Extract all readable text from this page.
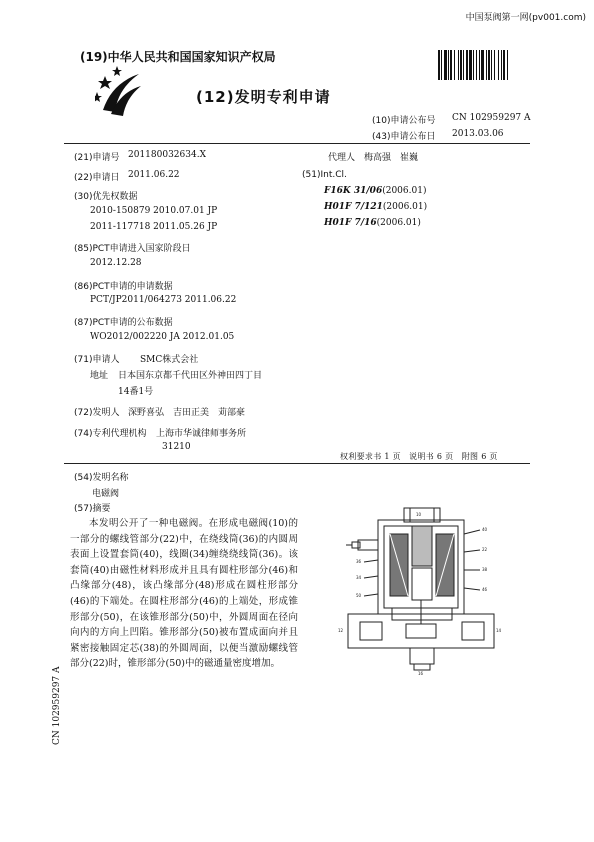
中国泵阀第一网(pv001.com)
(19)中华人民共和国国家知识产权局
(12)发明专利申请
(10)申请公布号 CN 102959297 A
(43)申请公布日 2013.03.06
(21)申请号 201180032634.X
(22)申请日 2011.06.22
(30)优先权数据
2010-150879 2010.07.01 JP
2011-117718 2011.05.26 JP
(85)PCT申请进入国家阶段日
2012.12.28
(86)PCT申请的申请数据
PCT/JP2011/064273 2011.06.22
(87)PCT申请的公布数据
WO2012/002220 JA 2012.01.05
(71)申请人 SMC株式会社
地址 日本国东京都千代田区外神田四丁目
14番1号
(72)发明人 深野喜弘　吉田正美　苅部豪
(74)专利代理机构 上海市华诚律师事务所
31210
代理人 梅高强　崔巍
(51)Int.Cl.
F16K 31/06(2006.01)
H01F 7/121(2006.01)
H01F 7/16(2006.01)
权利要求书 1 页　说明书 6 页　附图 6 页
(54)发明名称
电磁阀
(57)摘要
本发明公开了一种电磁阀。在形成电磁阀(10)的一部分的螺线管部分(22)中，在绕线筒(36)的内圆周表面上设置套筒(40)，线圈(34)缠绕绕线筒(36)。该套筒(40)由磁性材料形成并且具有圆柱形部分(46)和凸缘部分(48)，该凸缘部分(48)形成在圆柱形部分(46)的下端处。在圆柱形部分(46)的上端处，形成锥形部分(50)，在该锥形部分(50)中，外圆周面在径向向内的方向上凹陷。锥形部分(50)被布置成面向并且紧密接触固定芯(38)的外圆周面，以便当激励螺线管部分(22)时，锥形部分(50)中的磁通量密度增加。
40
22
38
46
36
34
50
10
12	14
16
CN 102959297 A
